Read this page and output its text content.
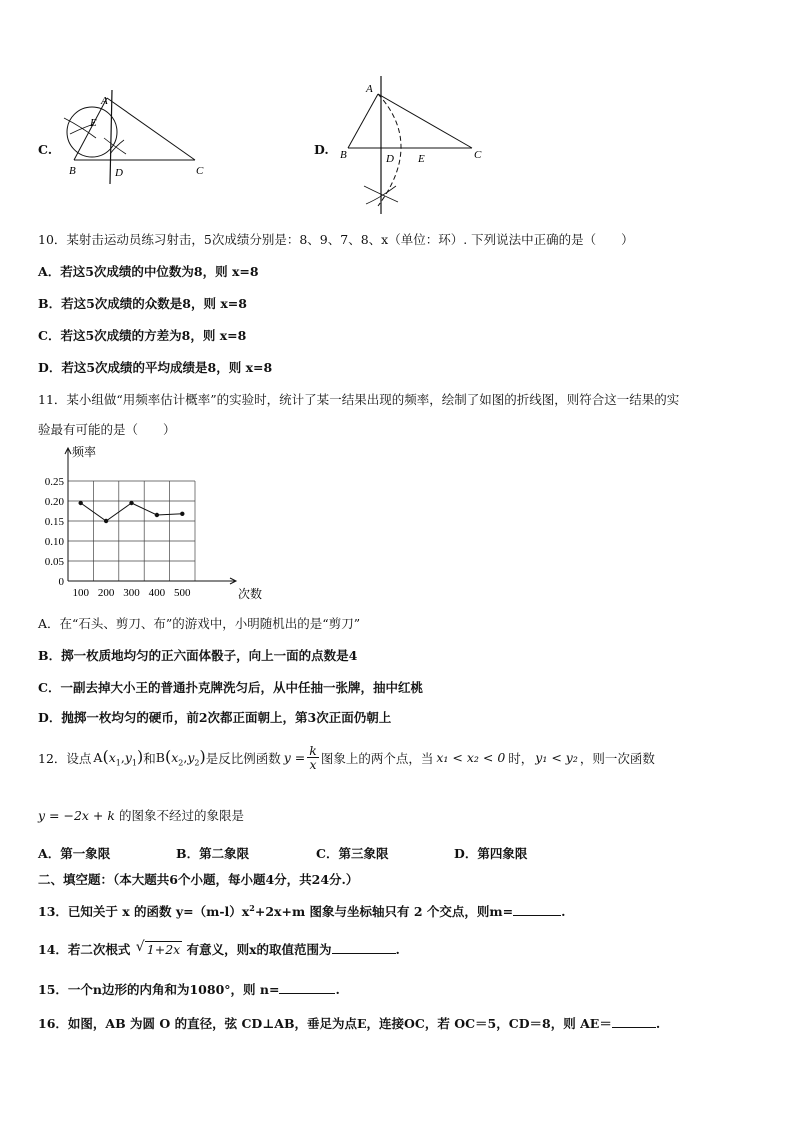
C.
A
E
B	D	C
D.
A
B	D E	C
10．某射击运动员练习射击，5次成绩分别是：8、9、7、8、x（单位：环）. 下列说法中正确的是（　　）
A．若这5次成绩的中位数为8，则 x=8
B．若这5次成绩的众数是8，则 x=8
C．若这5次成绩的方差为8，则 x=8
D．若这5次成绩的平均成绩是8，则 x=8
11．某小组做“用频率估计概率”的实验时，统计了某一结果出现的频率，绘制了如图的折线图，则符合这一结果的实
验最有可能的是（　　）
0.25
0.20
0.15
0.10
0.05
0
100 200 300 400 500
频率
次数
A．在“石头、剪刀、布”的游戏中，小明随机出的是“剪刀”
B．掷一枚质地均匀的正六面体骰子，向上一面的点数是4
C．一副去掉大小王的普通扑克牌洗匀后，从中任抽一张牌，抽中红桃
D．抛掷一枚均匀的硬币，前2次都正面朝上，第3次正面仍朝上
12．设点 $A(x_1,y_1)$ 和 $B(x_2,y_2)$ 是反比例函数 $y = \frac{k}{x}$ 图象上的两个点，当 x₁ < x₂ < 0 时， y₁ < y₂ ，则一次函数
y = −2x + k 的图象不经过的象限是
A．第一象限	B．第二象限	C．第三象限	D．第四象限
二、填空题：（本大题共6个小题，每小题4分，共24分.）
13．已知关于 x 的函数 $y=(m-l)x^2+2x+m$ 图象与坐标轴只有 2 个交点，则m=	.
14．若二次根式 √ 1+2x 有意义，则x的取值范围为	.
15．一个n边形的内角和为1080°，则 n=	.
16．如图，AB 为圆 O 的直径，弦 CD⊥AB，垂足为点E，连接OC，若 OC＝5，CD＝8，则 AE＝	.
